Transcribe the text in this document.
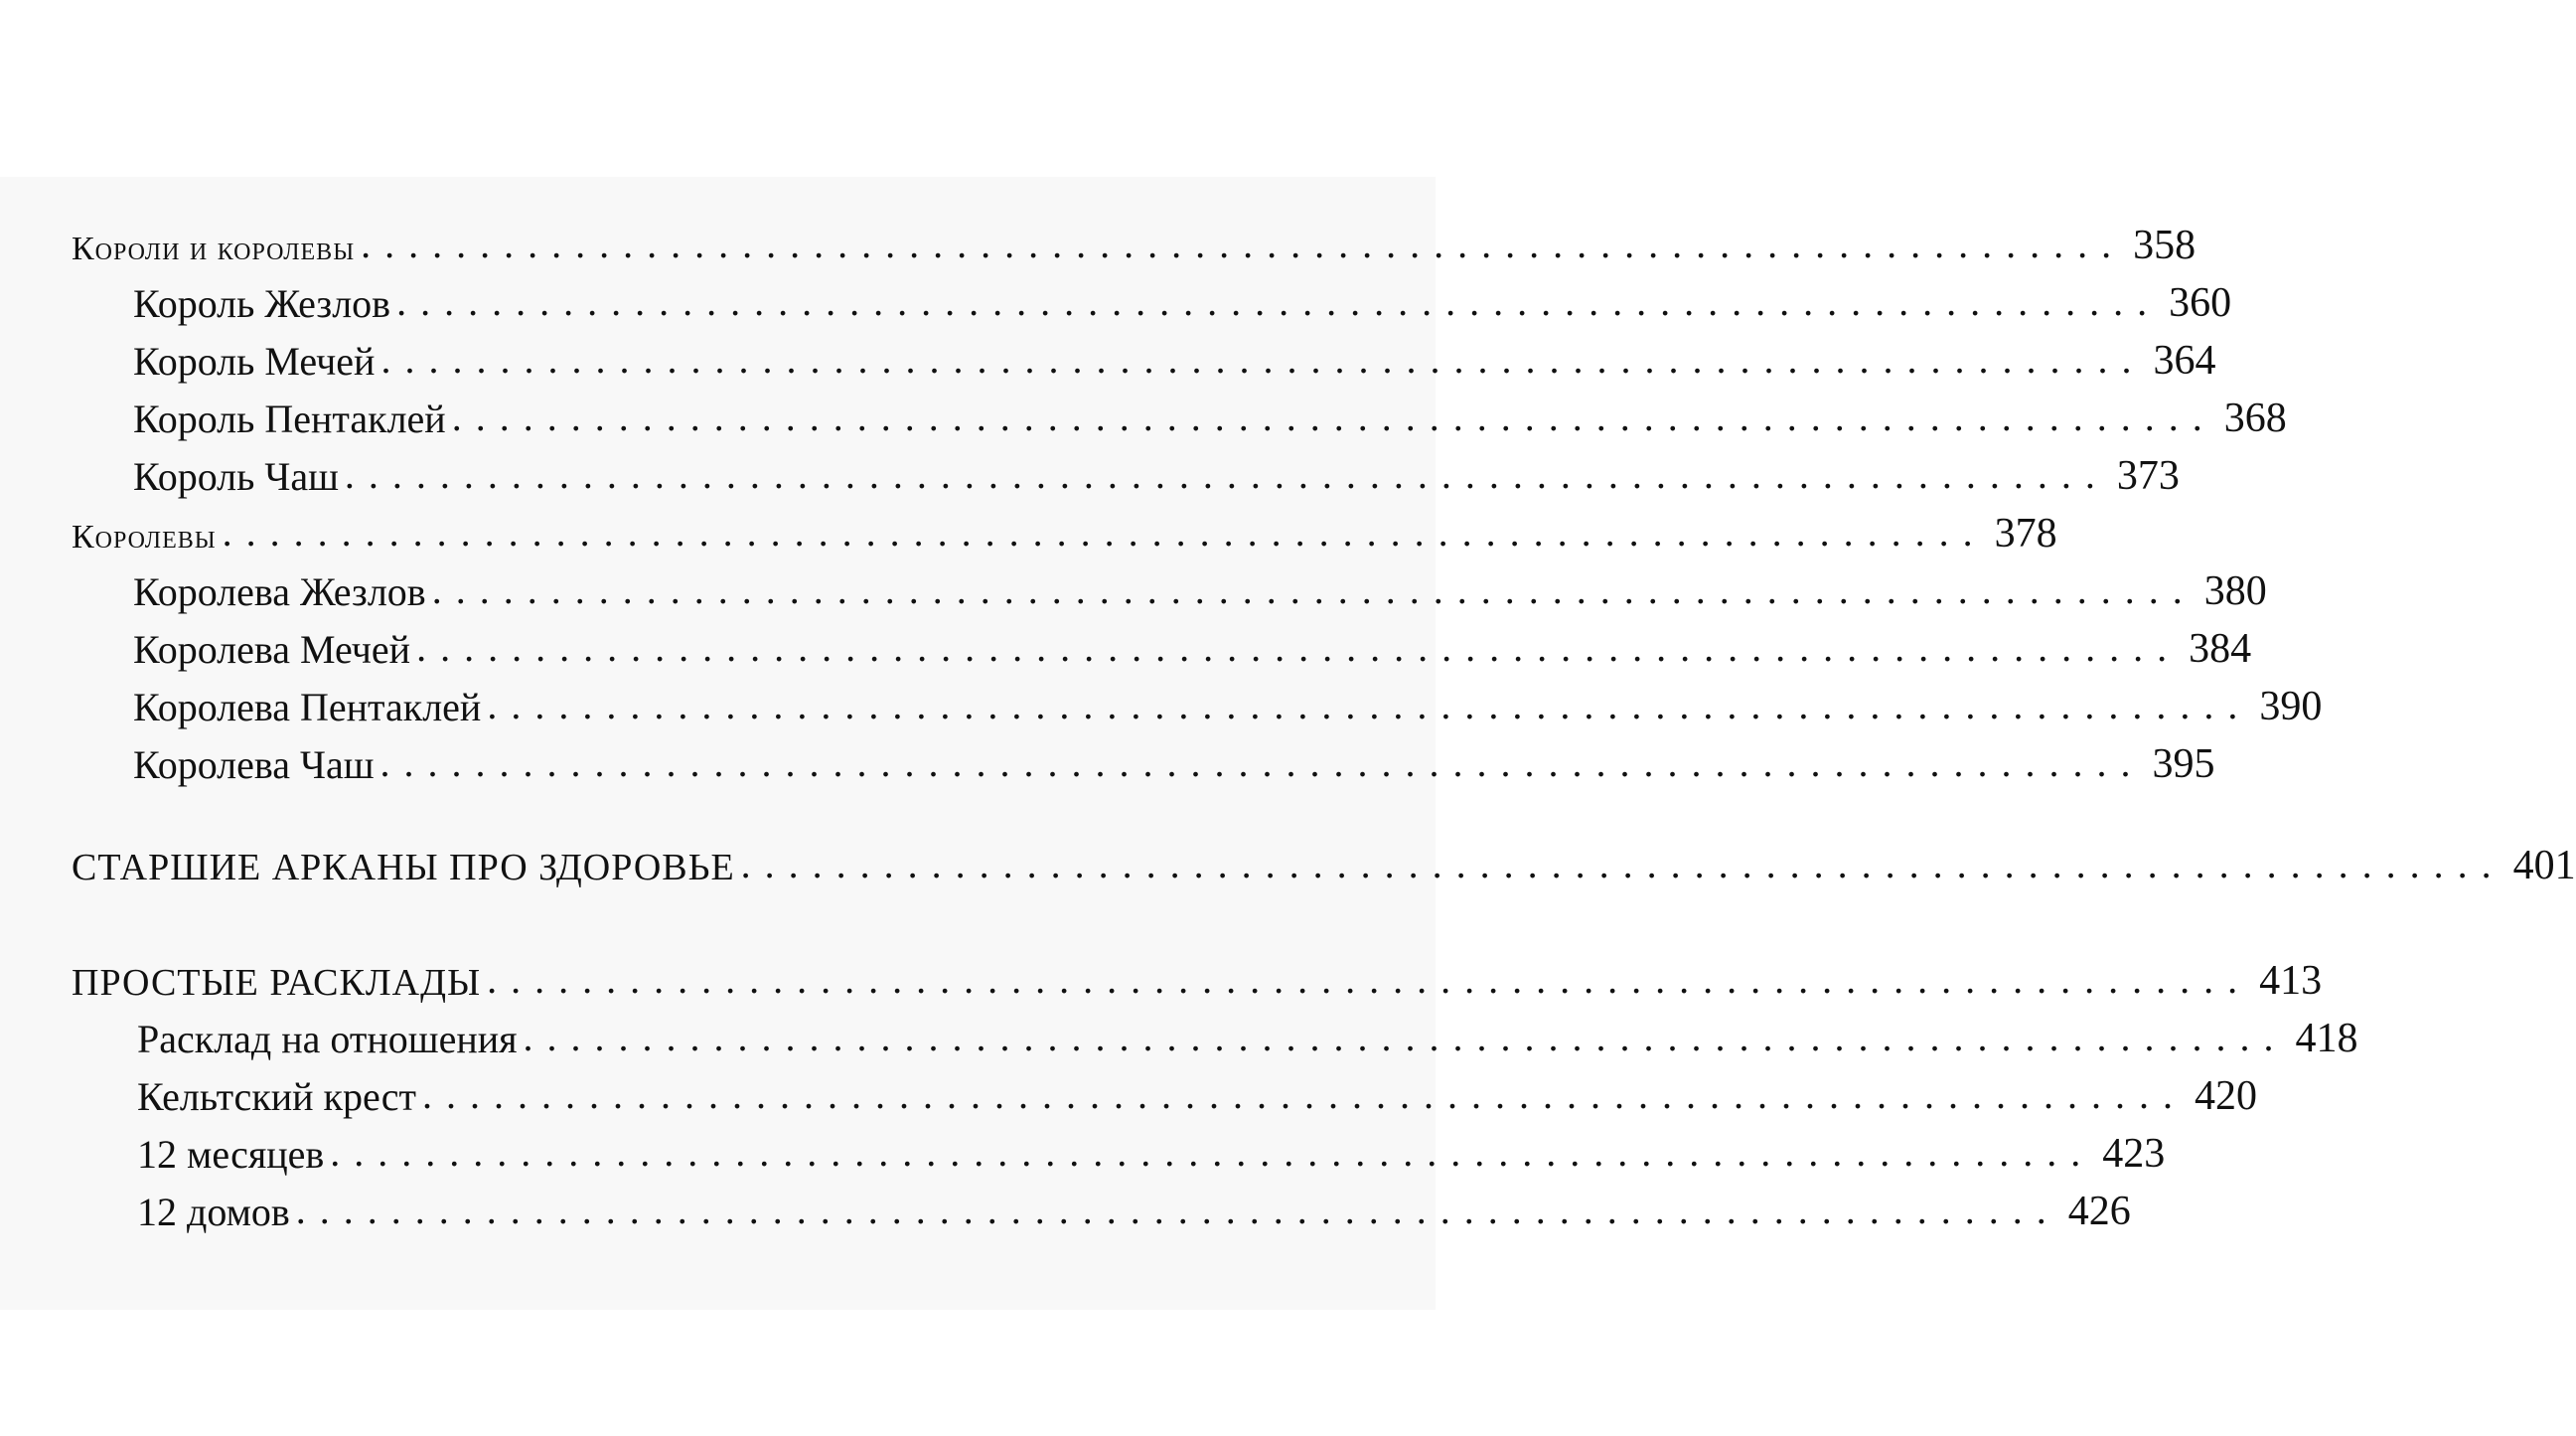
Короли и королевы .......................................................................... 358
Король Жезлов .......................................................................... 360
Король Мечей .......................................................................... 364
Король Пентаклей .......................................................................... 368
Король Чаш .......................................................................... 373
Королевы .......................................................................... 378
Королева Жезлов .......................................................................... 380
Королева Мечей .......................................................................... 384
Королева Пентаклей .......................................................................... 390
Королева Чаш .......................................................................... 395
СТАРШИЕ АРКАНЫ ПРО ЗДОРОВЬЕ .......................................................................... 401
ПРОСТЫЕ РАСКЛАДЫ .......................................................................... 413
Расклад на отношения .......................................................................... 418
Кельтский крест .......................................................................... 420
12 месяцев .......................................................................... 423
12 домов .......................................................................... 426
